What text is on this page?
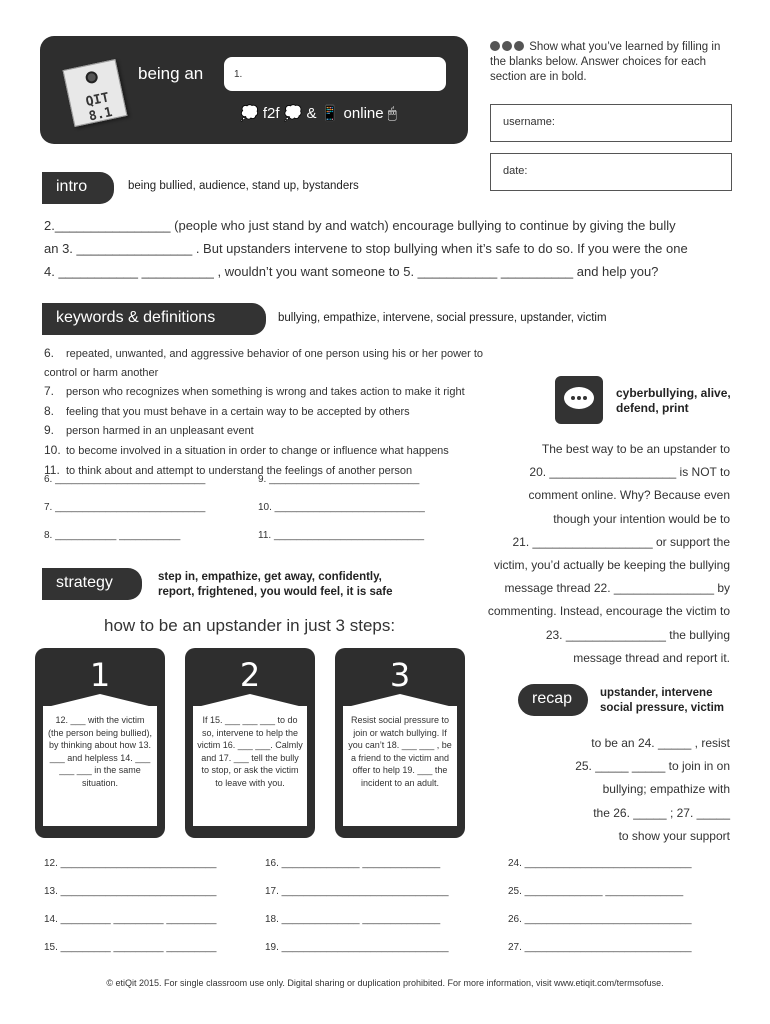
QIT 8.1
being an	1.
💭 f2f 💭 & 📱 online 🖱
Show what you’ve learned by filling in the blanks below. Answer choices for each section are in bold.
username:
date:
intro	being bullied, audience, stand up, bystanders
2.________________ (people who just stand by and watch) encourage bullying to continue by giving the bully
an 3. ________________ . But upstanders intervene to stop bullying when it’s safe to do so. If you were the one
4. ___________ __________ , wouldn’t you want someone to 5. ___________ __________ and help you?
keywords & definitions	bullying, empathize, intervene, social pressure, upstander, victim
6. repeated, unwanted, and aggressive behavior of one person using his or her power to control or harm another
7. person who recognizes when something is wrong and takes action to make it right
8. feeling that you must behave in a certain way to be accepted by others
9. person harmed in an unpleasant event
10. to become involved in a situation in order to change or influence what happens
11. to think about and attempt to understand the feelings of another person
6. ___________________________
7. ___________________________
8. ___________ ___________
9. ___________________________
10. ___________________________
11. ___________________________
cyberbullying, alive,
defend, print
The best way to be an upstander to
20. ___________________ is NOT to
comment online. Why? Because even
though your intention would be to
21. __________________ or support the
victim, you’d actually be keeping the bullying
message thread 22. _______________ by
commenting. Instead, encourage the victim to
23. _______________ the bullying
message thread and report it.
strategy	step in, empathize, get away, confidently,
report, frightened, you would feel, it is safe
how to be an upstander in just 3 steps:
1
12. ___ with the victim (the person being bullied), by thinking about how 13. ___ and helpless 14. ___ ___ ___ in the same situation.
2
If 15. ___ ___ ___ to do so, intervene to help the victim 16. ___ ___. Calmly and 17. ___ tell the bully to stop, or ask the victim to leave with you.
3
Resist social pressure to join or watch bullying. If you can’t 18. ___ ___ , be a friend to the victim and offer to help 19. ___ the incident to an adult.
recap	upstander, intervene
social pressure, victim
to be an 24. _____ , resist
25. _____ _____ to join in on
bullying; empathize with
the 26. _____ ; 27. _____
to show your support
12. ____________________________
13. ____________________________
14. _________ _________ _________
15. _________ _________ _________
16. ______________ ______________
17. ______________________________
18. ______________ ______________
19. ______________________________
24. ______________________________
25. ______________ ______________
26. ______________________________
27. ______________________________
© etiQit 2015. For single classroom use only. Digital sharing or duplication prohibited. For more information, visit www.etiqit.com/termsofuse.
